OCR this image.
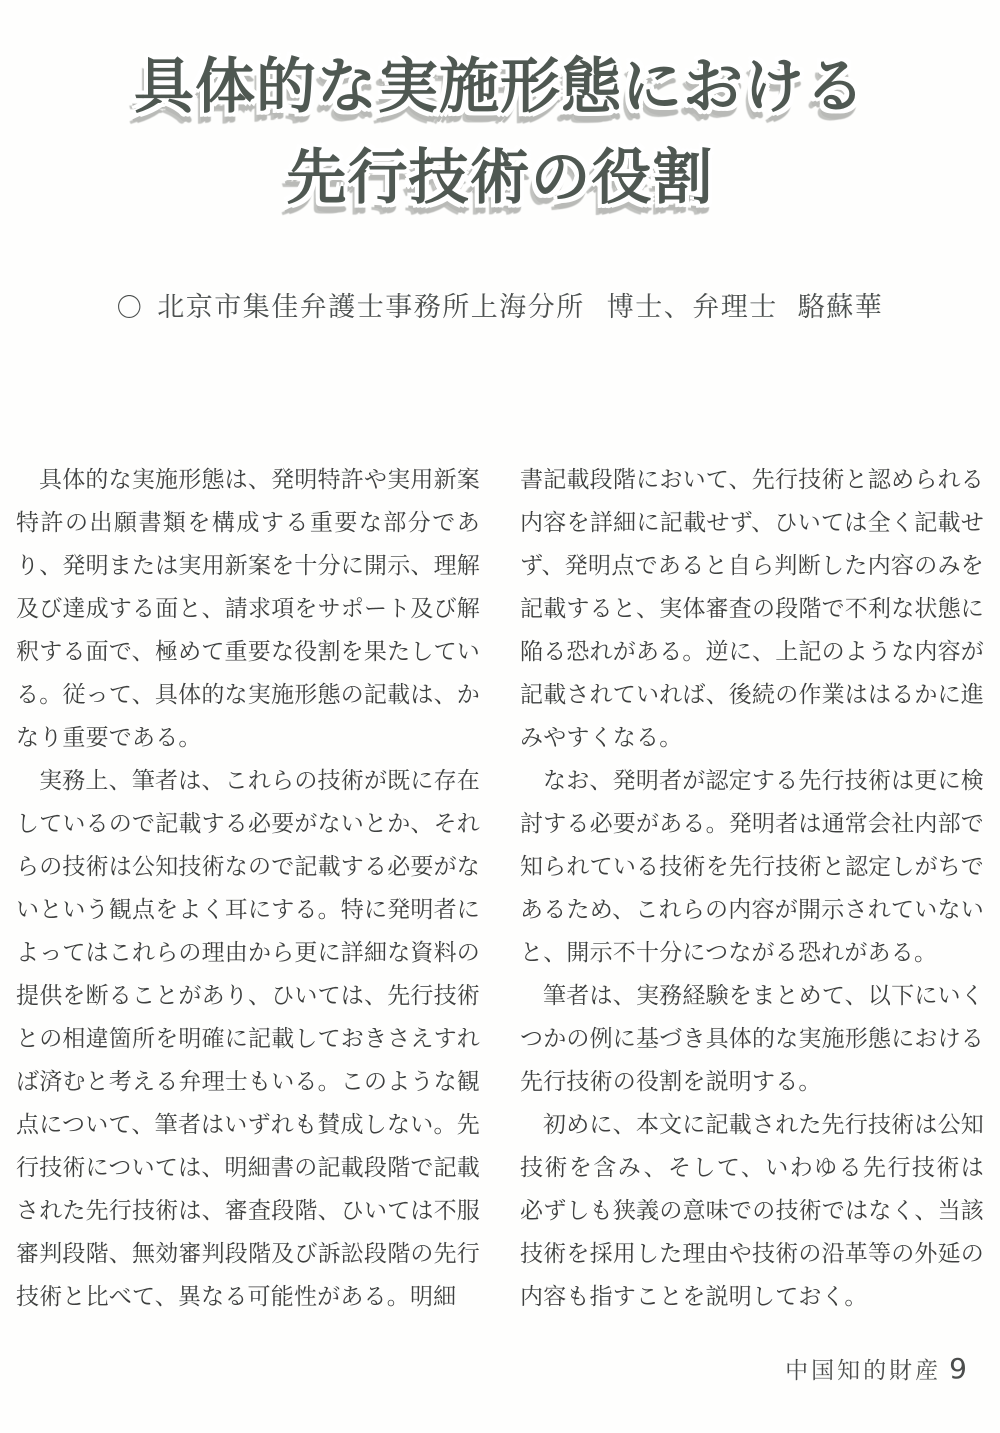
具体的な実施形態における
先行技術の役割
〇 北京市集佳弁護士事務所上海分所 博士、弁理士 駱蘇華

具体的な実施形態は、発明特許や実用新案特許の出願書類を構成する重要な部分であり、発明または実用新案を十分に開示、理解及び達成する面と、請求項をサポート及び解釈する面で、極めて重要な役割を果たしている。従って、具体的な実施形態の記載は、かなり重要である。

実務上、筆者は、これらの技術が既に存在しているので記載する必要がないとか、それらの技術は公知技術なので記載する必要がないという観点をよく耳にする。特に発明者によってはこれらの理由から更に詳細な資料の提供を断ることがあり、ひいては、先行技術との相違箇所を明確に記載しておきさえすれば済むと考える弁理士もいる。このような観点について、筆者はいずれも賛成しない。先行技術については、明細書の記載段階で記載された先行技術は、審査段階、ひいては不服審判段階、無効審判段階及び訴訟段階の先行技術と比べて、異なる可能性がある。明細

書記載段階において、先行技術と認められる内容を詳細に記載せず、ひいては全く記載せず、発明点であると自ら判断した内容のみを記載すると、実体審査の段階で不利な状態に陥る恐れがある。逆に、上記のような内容が記載されていれば、後続の作業ははるかに進みやすくなる。

なお、発明者が認定する先行技術は更に検討する必要がある。発明者は通常会社内部で知られている技術を先行技術と認定しがちであるため、これらの内容が開示されていないと、開示不十分につながる恐れがある。

筆者は、実務経験をまとめて、以下にいくつかの例に基づき具体的な実施形態における先行技術の役割を説明する。

初めに、本文に記載された先行技術は公知技術を含み、そして、いわゆる先行技術は必ずしも狭義の意味での技術ではなく、当該技術を採用した理由や技術の沿革等の外延の内容も指すことを説明しておく。

中国知的財産 9
